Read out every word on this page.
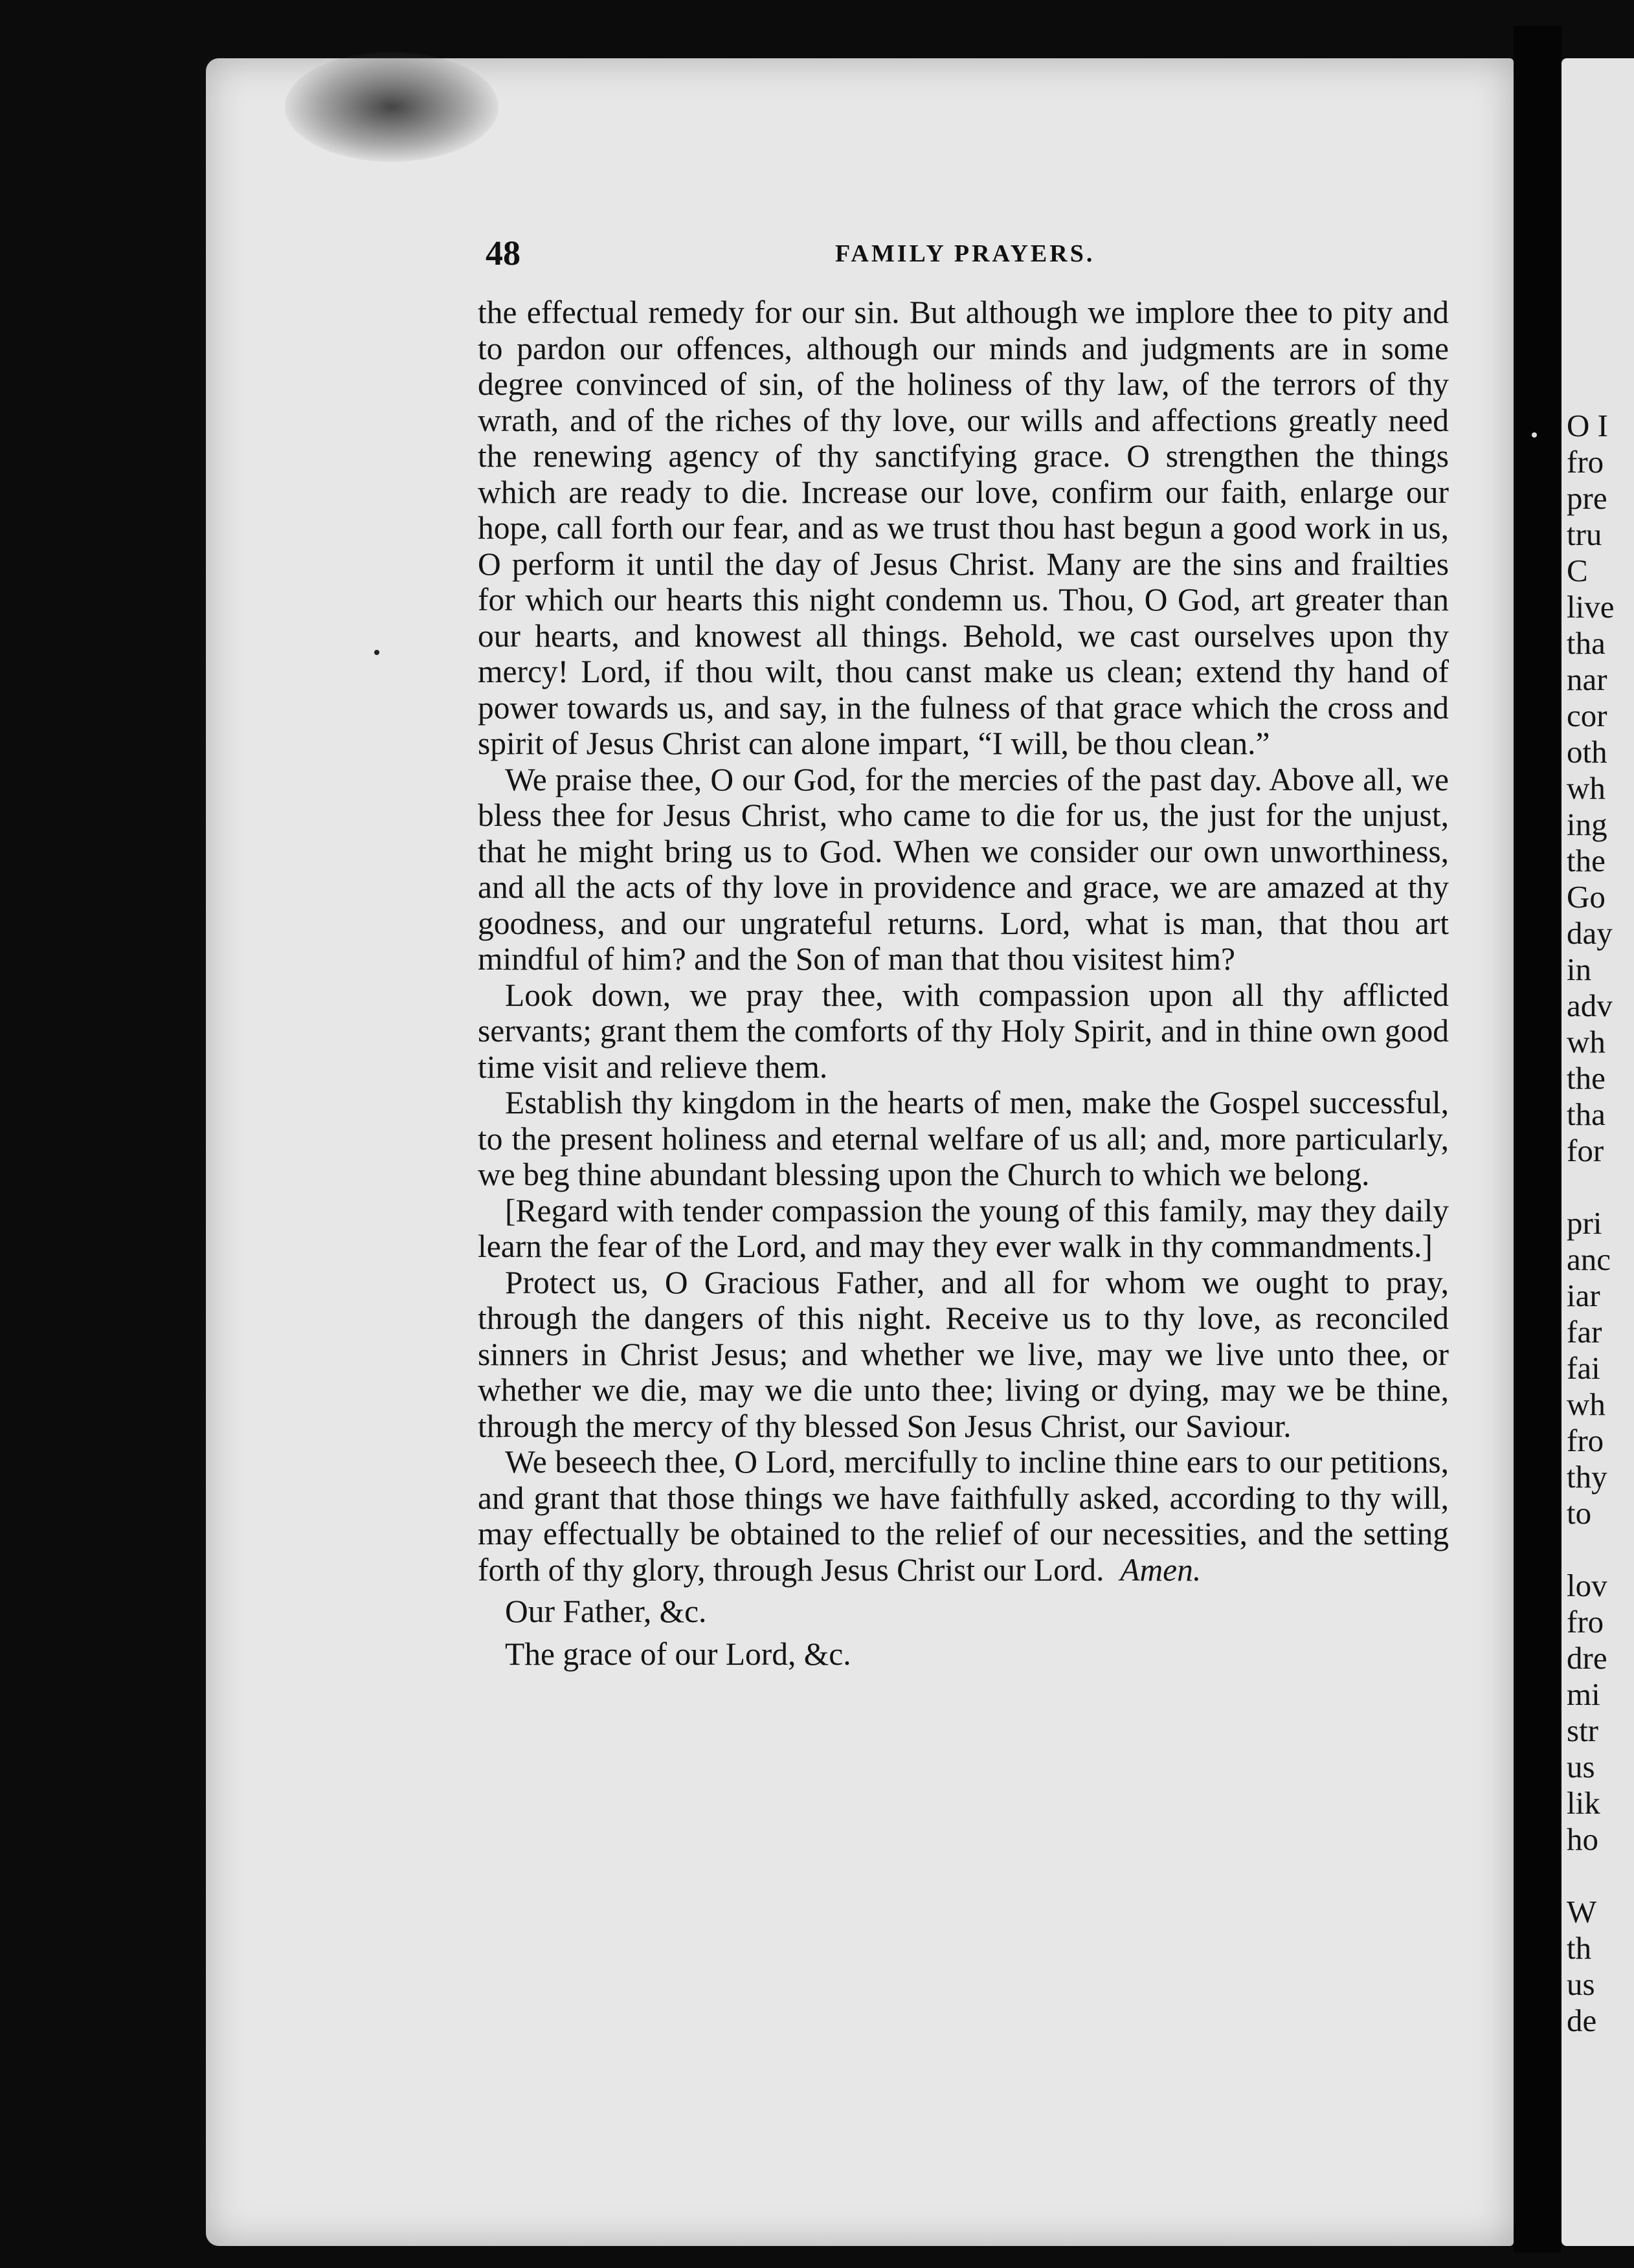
O I
fro
pre
tru
C
live
tha
nar
cor
oth
wh
ing
the
Go
day
in
adv
wh
the
tha
for
pri
anc
iar
far
fai
wh
fro
thy
to
lov
fro
dre
mi
str
us
lik
ho
W
th
us
de
48	FAMILY PRAYERS.

the effectual remedy for our sin. But although we implore thee to pity and to pardon our offences, although our minds and judgments are in some degree convinced of sin, of the holiness of thy law, of the terrors of thy wrath, and of the riches of thy love, our wills and affections greatly need the renewing agency of thy sanctifying grace. O strengthen the things which are ready to die. Increase our love, confirm our faith, enlarge our hope, call forth our fear, and as we trust thou hast begun a good work in us, O perform it until the day of Jesus Christ. Many are the sins and frailties for which our hearts this night condemn us. Thou, O God, art greater than our hearts, and knowest all things. Behold, we cast ourselves upon thy mercy! Lord, if thou wilt, thou canst make us clean; extend thy hand of power towards us, and say, in the fulness of that grace which the cross and spirit of Jesus Christ can alone impart, “I will, be thou clean.”

We praise thee, O our God, for the mercies of the past day. Above all, we bless thee for Jesus Christ, who came to die for us, the just for the unjust, that he might bring us to God. When we consider our own unworthiness, and all the acts of thy love in providence and grace, we are amazed at thy goodness, and our ungrateful returns. Lord, what is man, that thou art mindful of him? and the Son of man that thou visitest him?

Look down, we pray thee, with compassion upon all thy afflicted servants; grant them the comforts of thy Holy Spirit, and in thine own good time visit and relieve them.

Establish thy kingdom in the hearts of men, make the Gospel successful, to the present holiness and eternal welfare of us all; and, more particularly, we beg thine abundant blessing upon the Church to which we belong.

[Regard with tender compassion the young of this family, may they daily learn the fear of the Lord, and may they ever walk in thy commandments.]

Protect us, O Gracious Father, and all for whom we ought to pray, through the dangers of this night. Receive us to thy love, as reconciled sinners in Christ Jesus; and whether we live, may we live unto thee, or whether we die, may we die unto thee; living or dying, may we be thine, through the mercy of thy blessed Son Jesus Christ, our Saviour.

We beseech thee, O Lord, mercifully to incline thine ears to our petitions, and grant that those things we have faithfully asked, according to thy will, may effectually be obtained to the relief of our necessities, and the setting forth of thy glory, through Jesus Christ our Lord. Amen.

Our Father, &c.
The grace of our Lord, &c.
